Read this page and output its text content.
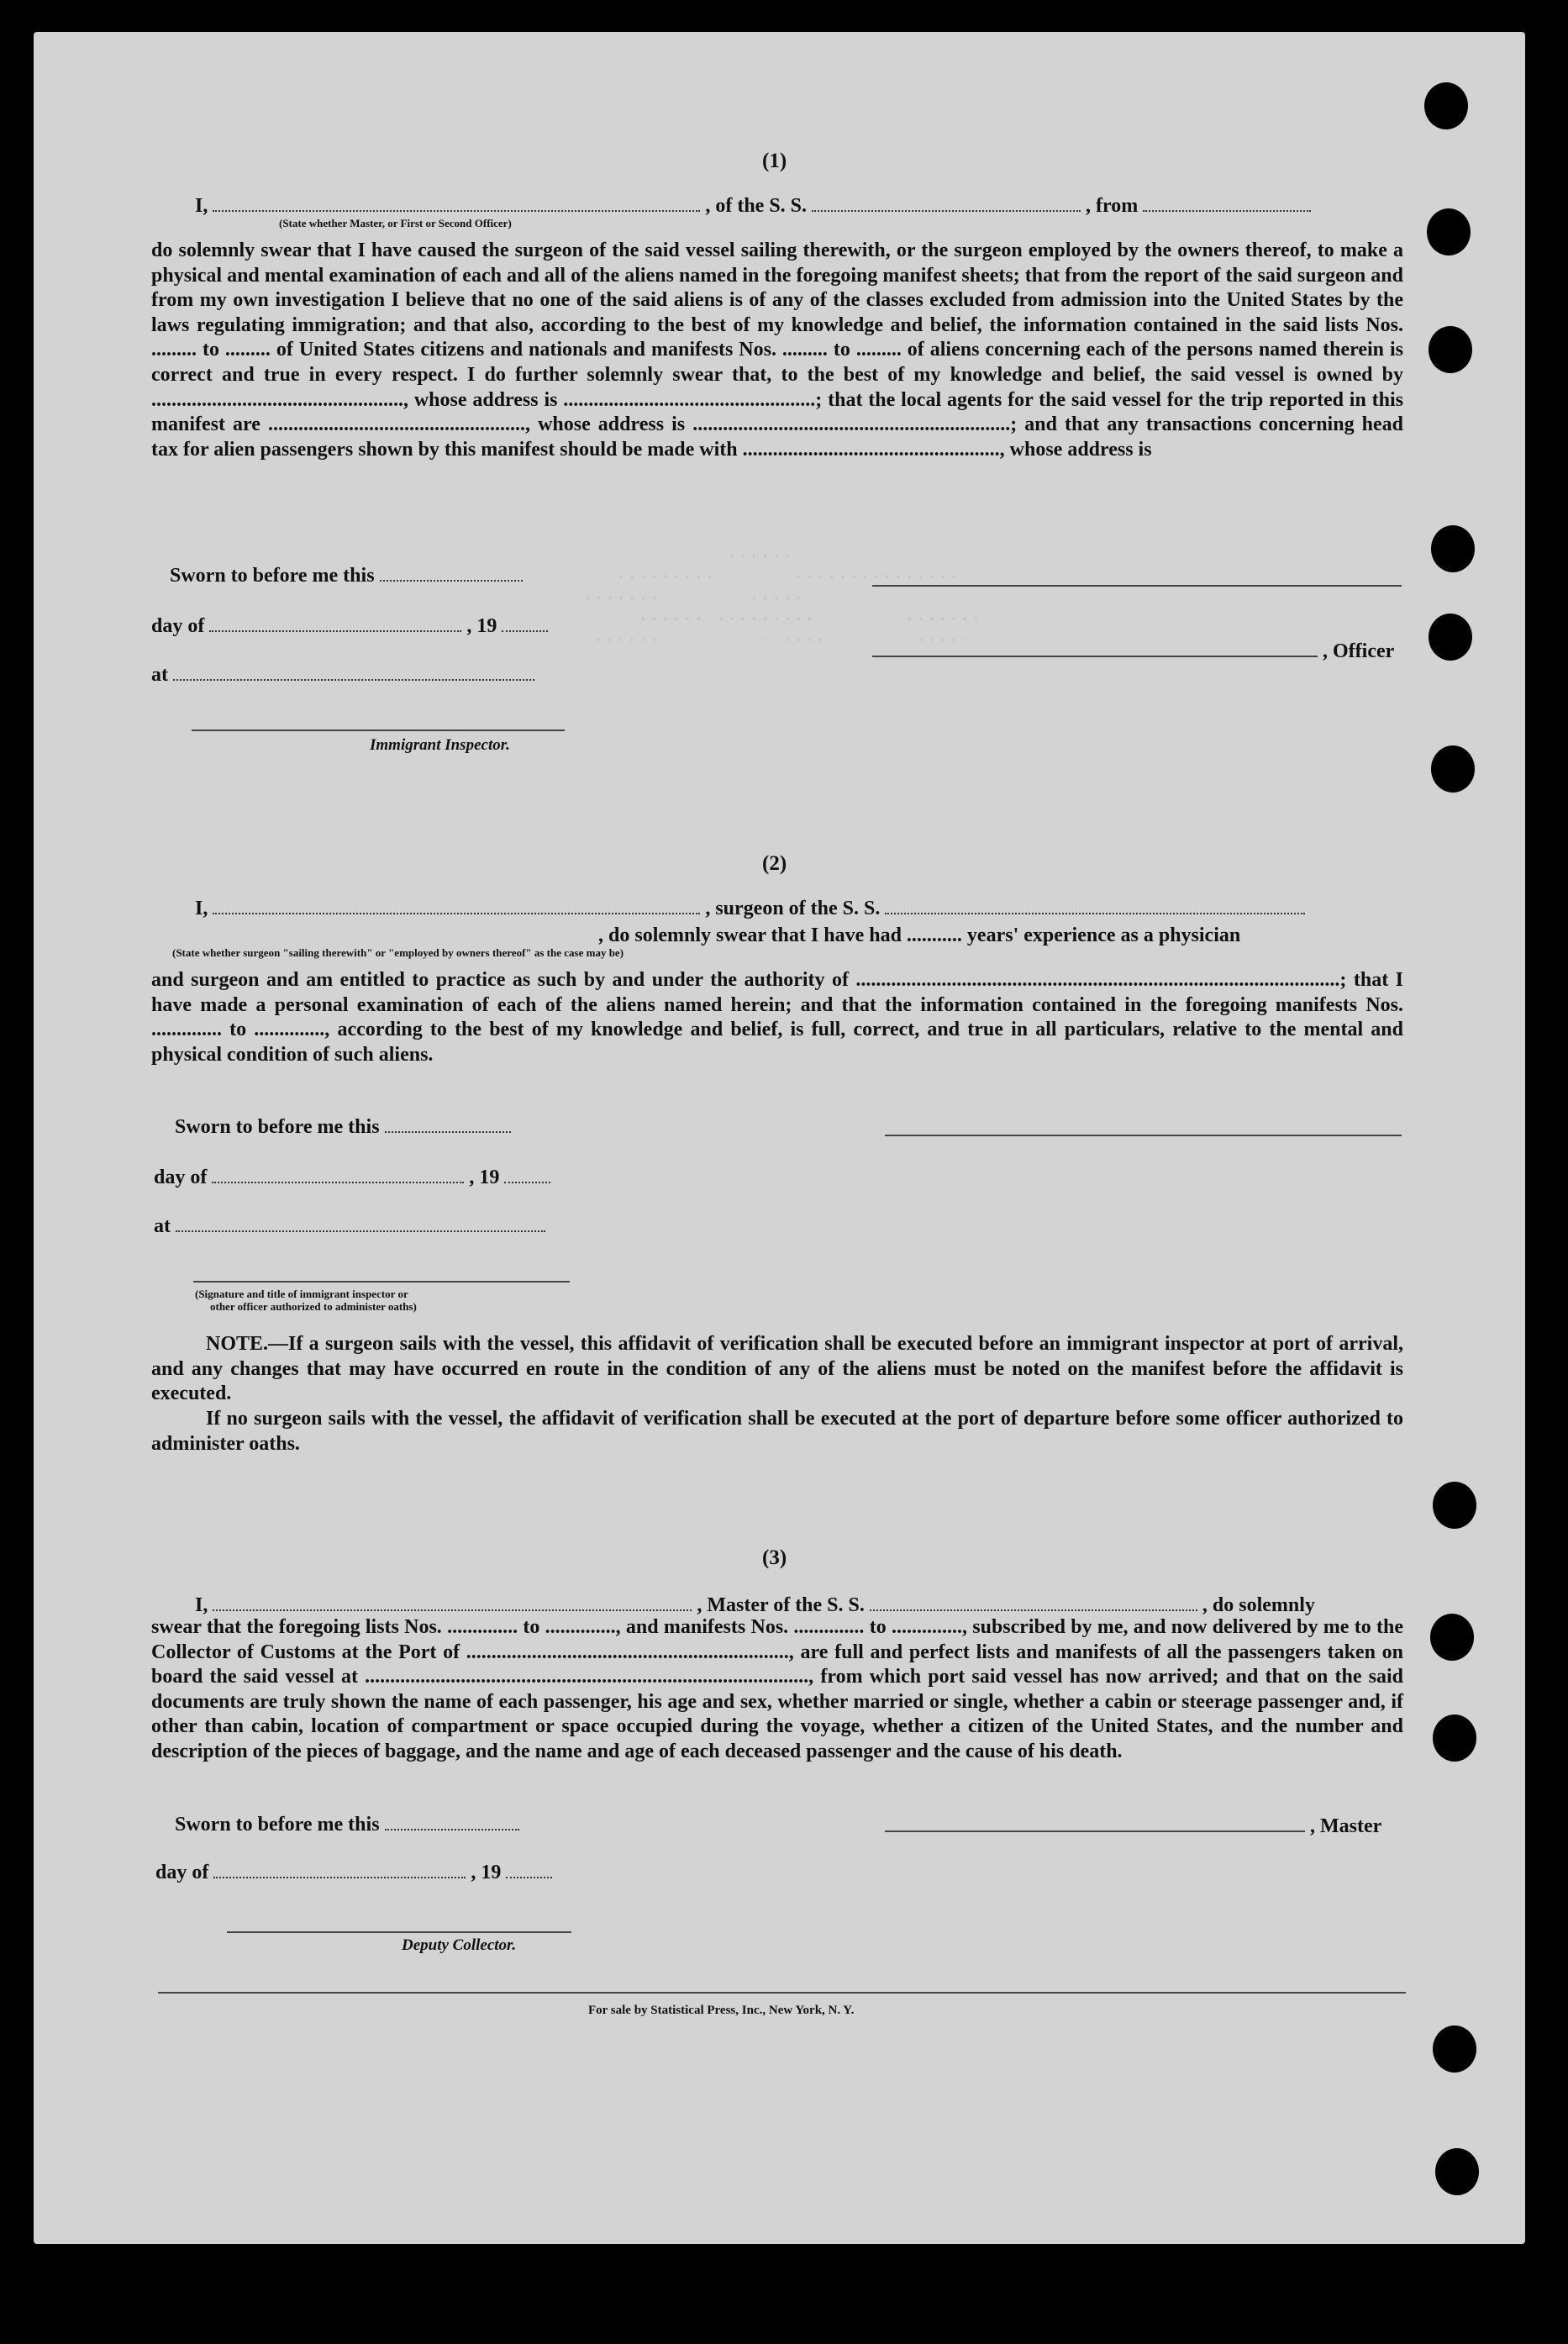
......
.........       ...............
.......        .....
...... .........        .......
......         ......        .....

(1)
I,	, of the S. S.	, from
(State whether Master, or First or Second Officer)
do solemnly swear that I have caused the surgeon of the said vessel sailing therewith, or the surgeon employed by the owners thereof, to make a physical and mental examination of each and all of the aliens named in the foregoing manifest sheets; that from the report of the said surgeon and from my own investigation I believe that no one of the said aliens is of any of the classes excluded from admission into the United States by the laws regulating immigration; and that also, according to the best of my knowledge and belief, the information contained in the said lists Nos. ......... to ......... of United States citizens and nationals and manifests Nos. ......... to ......... of aliens concerning each of the persons named therein is correct and true in every respect. I do further solemnly swear that, to the best of my knowledge and belief, the said vessel is owned by .................................................., whose address is ..................................................; that the local agents for the said vessel for the trip reported in this manifest are ..................................................., whose address is ...............................................................; and that any transactions concerning head tax for alien passengers shown by this manifest should be made with ..................................................., whose address is
Sworn to before me this
day of	, 19
, Officer
at
Immigrant Inspector.
(2)
I,	, surgeon of the S. S.
, do solemnly swear that I have had ........... years' experience as a physician
(State whether surgeon "sailing therewith" or "employed by owners thereof" as the case may be)
and surgeon and am entitled to practice as such by and under the authority of ................................................................................................; that I have made a personal examination of each of the aliens named herein; and that the information contained in the foregoing manifests Nos. .............. to .............., according to the best of my knowledge and belief, is full, correct, and true in all particulars, relative to the mental and physical condition of such aliens.
Sworn to before me this
day of	, 19
at
(Signature and title of immigrant inspector or
other officer authorized to administer oaths)
NOTE.—If a surgeon sails with the vessel, this affidavit of verification shall be executed before an immigrant inspector at port of arrival, and any changes that may have occurred en route in the condition of any of the aliens must be noted on the manifest before the affidavit is executed.
If no surgeon sails with the vessel, the affidavit of verification shall be executed at the port of departure before some officer authorized to administer oaths.
(3)
I,	, Master of the S. S.	, do solemnly
swear that the foregoing lists Nos. .............. to .............., and manifests Nos. .............. to .............., subscribed by me, and now delivered by me to the Collector of Customs at the Port of ................................................................, are full and perfect lists and manifests of all the passengers taken on board the said vessel at ........................................................................................, from which port said vessel has now arrived; and that on the said documents are truly shown the name of each passenger, his age and sex, whether married or single, whether a cabin or steerage passenger and, if other than cabin, location of compartment or space occupied during the voyage, whether a citizen of the United States, and the number and description of the pieces of baggage, and the name and age of each deceased passenger and the cause of his death.
Sworn to before me this	, Master
day of	, 19
Deputy Collector.
For sale by Statistical Press, Inc., New York, N. Y.
